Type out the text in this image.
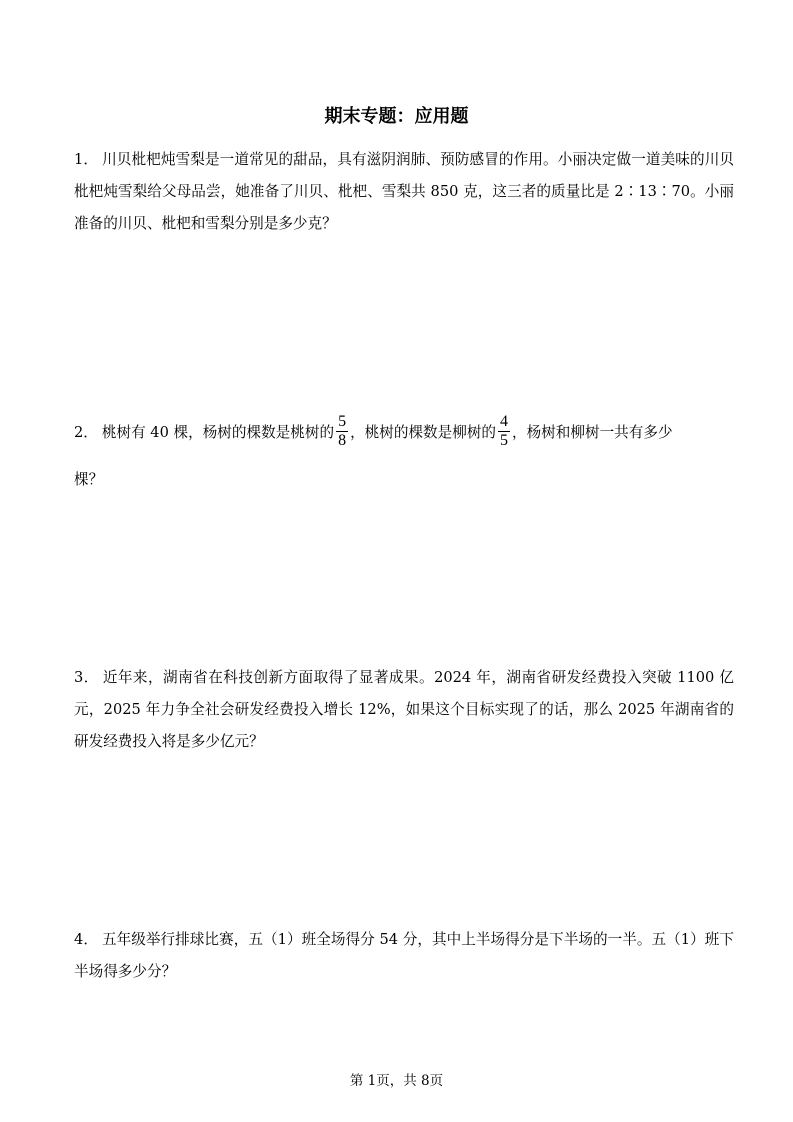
期末专题：应用题

1． 川贝枇杷炖雪梨是一道常见的甜品，具有滋阴润肺、预防感冒的作用。小丽决定做一道美味的川贝枇杷炖雪梨给父母品尝，她准备了川贝、枇杷、雪梨共 850 克，这三者的质量比是 2∶13∶70。小丽准备的川贝、枇杷和雪梨分别是多少克？

2． 桃树有 40 棵，杨树的棵数是桃树的 $\frac{5}{8}$ ，桃树的棵数是柳树的 $\frac{4}{5}$ ，杨树和柳树一共有多少

棵？

3． 近年来，湖南省在科技创新方面取得了显著成果。2024 年，湖南省研发经费投入突破 1100 亿元，2025 年力争全社会研发经费投入增长 12%，如果这个目标实现了的话，那么 2025 年湖南省的研发经费投入将是多少亿元？

4． 五年级举行排球比赛，五（1）班全场得分 54 分，其中上半场得分是下半场的一半。五（1）班下半场得多少分？

第 1页，共 8页
